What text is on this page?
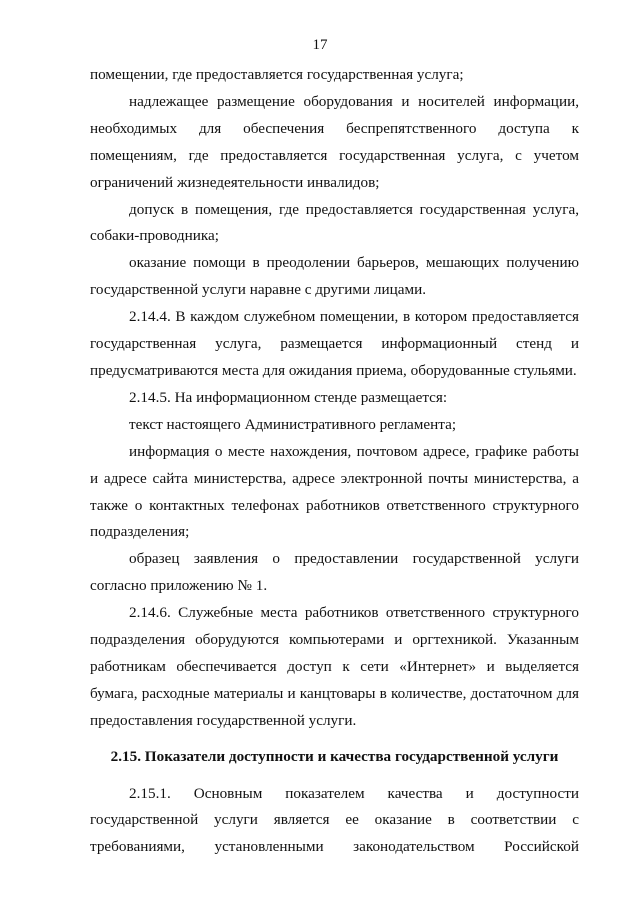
17

помещении, где предоставляется государственная услуга;

надлежащее размещение оборудования и носителей информации, необходимых для обеспечения беспрепятственного доступа к помещениям, где предоставляется государственная услуга, с учетом ограничений жизнедеятельности инвалидов;

допуск в помещения, где предоставляется государственная услуга, собаки-проводника;

оказание помощи в преодолении барьеров, мешающих получению государственной услуги наравне с другими лицами.

2.14.4. В каждом служебном помещении, в котором предоставляется государственная услуга, размещается информационный стенд и предусматриваются места для ожидания приема, оборудованные стульями.

2.14.5. На информационном стенде размещается:

текст настоящего Административного регламента;

информация о месте нахождения, почтовом адресе, графике работы и адресе сайта министерства, адресе электронной почты министерства, а также о контактных телефонах работников ответственного структурного подразделения;

образец заявления о предоставлении государственной услуги согласно приложению № 1.

2.14.6. Служебные места работников ответственного структурного подразделения оборудуются компьютерами и оргтехникой. Указанным работникам обеспечивается доступ к сети «Интернет» и выделяется бумага, расходные материалы и канцтовары в количестве, достаточном для предоставления государственной услуги.

2.15. Показатели доступности и качества государственной услуги

2.15.1. Основным показателем качества и доступности государственной услуги является ее оказание в соответствии с требованиями, установленными законодательством Российской
